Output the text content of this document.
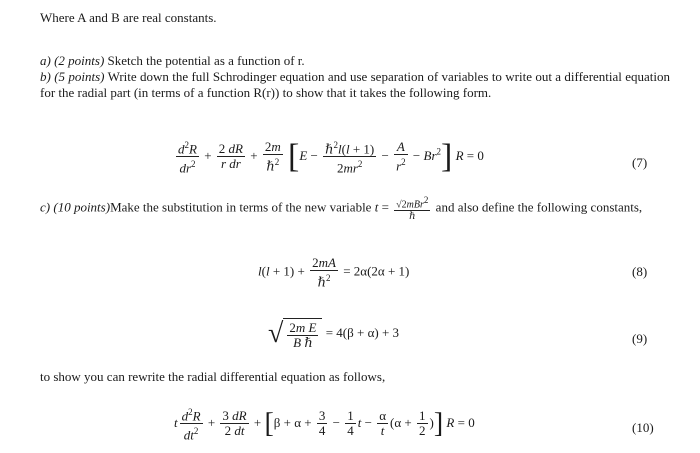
Where A and B are real constants.
a) (2 points) Sketch the potential as a function of r.
b) (5 points) Write down the full Schrodinger equation and use separation of variables to write out a differential equation for the radial part (in terms of a function R(r)) to show that it takes the following form.
$\frac{d^2R}{dr^2} + \frac{2 dR}{\text{r dr}} + \frac{2m}{\hbar^2} [E - \frac{\hbar^2l(l + 1)}{2mr^2} - \frac{A}{r^2} - Br^2] R = 0$	(7)
c) (10 points)Make the substitution in terms of the new variable $t = \frac{√2mBr^2}{\text{ℏ}}$ and also define the following constants,
$l(l + 1) + \frac{2mA}{\hbar^2} = 2\alpha(2\alpha + 1)$	(8)
√ $\frac{\text{2m E}}{\text{B ℏ}} = 4(\beta + \alpha) + 3$	(9)
to show you can rewrite the radial differential equation as follows,
t $\frac{d^2R}{dt^2} + \frac{3 dR}{2 dt} + [\beta + \alpha + \frac{3}{4} - \frac{1}{4}$ $t - \frac{\alpha}{t} (\alpha + \frac{1}{2}$ )] R = 0	(10)
